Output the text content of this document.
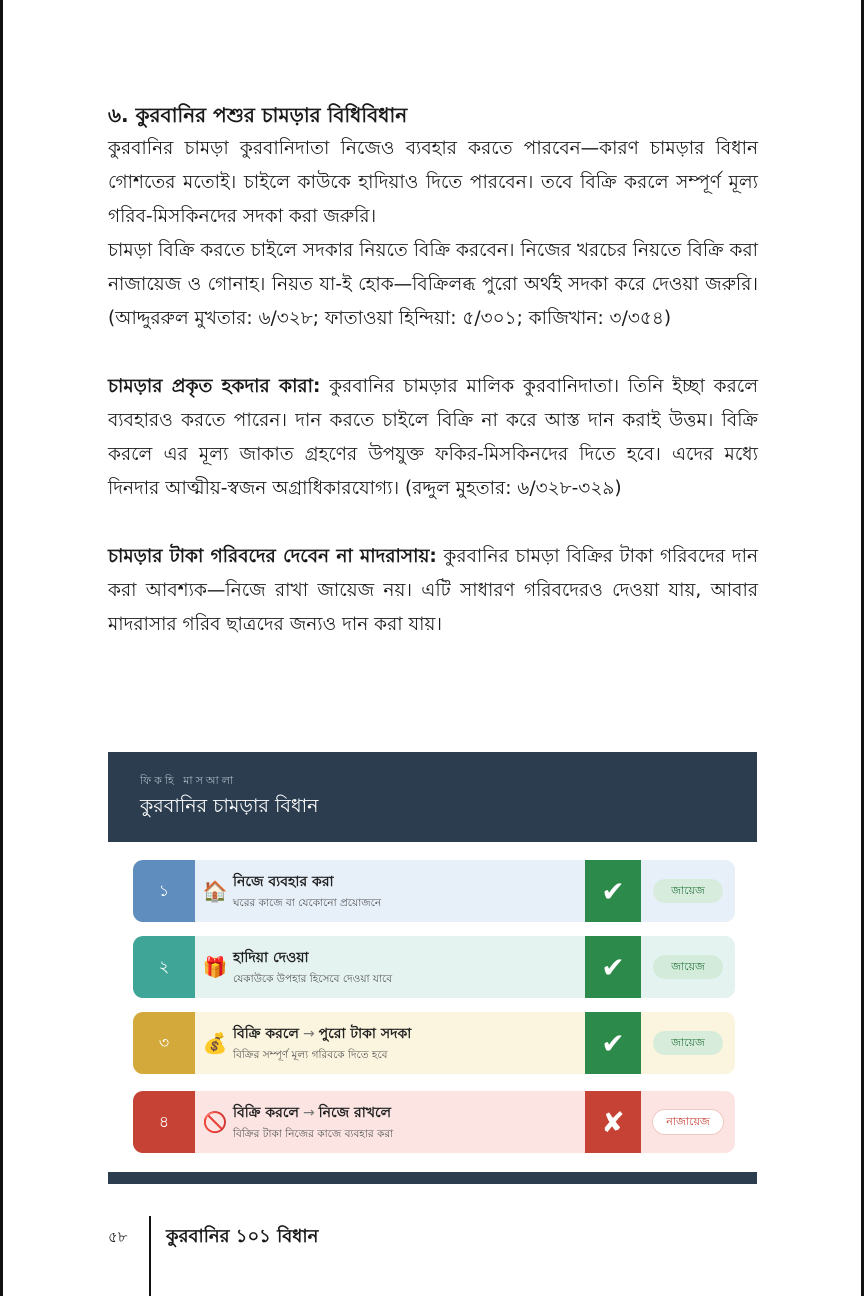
৬. কুরবানির পশুর চামড়ার বিধিবিধান

কুরবানির চামড়া কুরবানিদাতা নিজেও ব্যবহার করতে পারবেন—কারণ চামড়ার বিধান গোশতের মতোই। চাইলে কাউকে হাদিয়াও দিতে পারবেন। তবে বিক্রি করলে সম্পূর্ণ মূল্য গরিব-মিসকিনদের সদকা করা জরুরি।

চামড়া বিক্রি করতে চাইলে সদকার নিয়তে বিক্রি করবেন। নিজের খরচের নিয়তে বিক্রি করা নাজায়েজ ও গোনাহ। নিয়ত যা-ই হোক—বিক্রিলব্ধ পুরো অর্থই সদকা করে দেওয়া জরুরি। (আদ্দুররুল মুখতার: ৬/৩২৮; ফাতাওয়া হিন্দিয়া: ৫/৩০১; কাজিখান: ৩/৩৫৪)

চামড়ার প্রকৃত হকদার কারা: কুরবানির চামড়ার মালিক কুরবানিদাতা। তিনি ইচ্ছা করলে ব্যবহারও করতে পারেন। দান করতে চাইলে বিক্রি না করে আস্ত দান করাই উত্তম। বিক্রি করলে এর মূল্য জাকাত গ্রহণের উপযুক্ত ফকির-মিসকিনদের দিতে হবে। এদের মধ্যে দিনদার আত্মীয়-স্বজন অগ্রাধিকারযোগ্য। (রদ্দুল মুহতার: ৬/৩২৮-৩২৯)

চামড়ার টাকা গরিবদের দেবেন না মাদরাসায়: কুরবানির চামড়া বিক্রির টাকা গরিবদের দান করা আবশ্যক—নিজে রাখা জায়েজ নয়। এটি সাধারণ গরিবদেরও দেওয়া যায়, আবার মাদরাসার গরিব ছাত্রদের জন্যও দান করা যায়।

ফিকহি মাসআলা
কুরবানির চামড়ার বিধান
১	🏠 নিজে ব্যবহার করা
ঘরের কাজে বা যেকোনো প্রয়োজনে	✔	জায়েজ
২	🎁 হাদিয়া দেওয়া
যেকাউকে উপহার হিসেবে দেওয়া যাবে	✔	জায়েজ
৩	💰 বিক্রি করলে → পুরো টাকা সদকা
বিক্রির সম্পূর্ণ মূল্য গরিবকে দিতে হবে	✔	জায়েজ
৪	🚫 বিক্রি করলে → নিজে রাখলে
বিক্রির টাকা নিজের কাজে ব্যবহার করা	✘	নাজায়েজ
৫৮ কুরবানির ১০১ বিধান
